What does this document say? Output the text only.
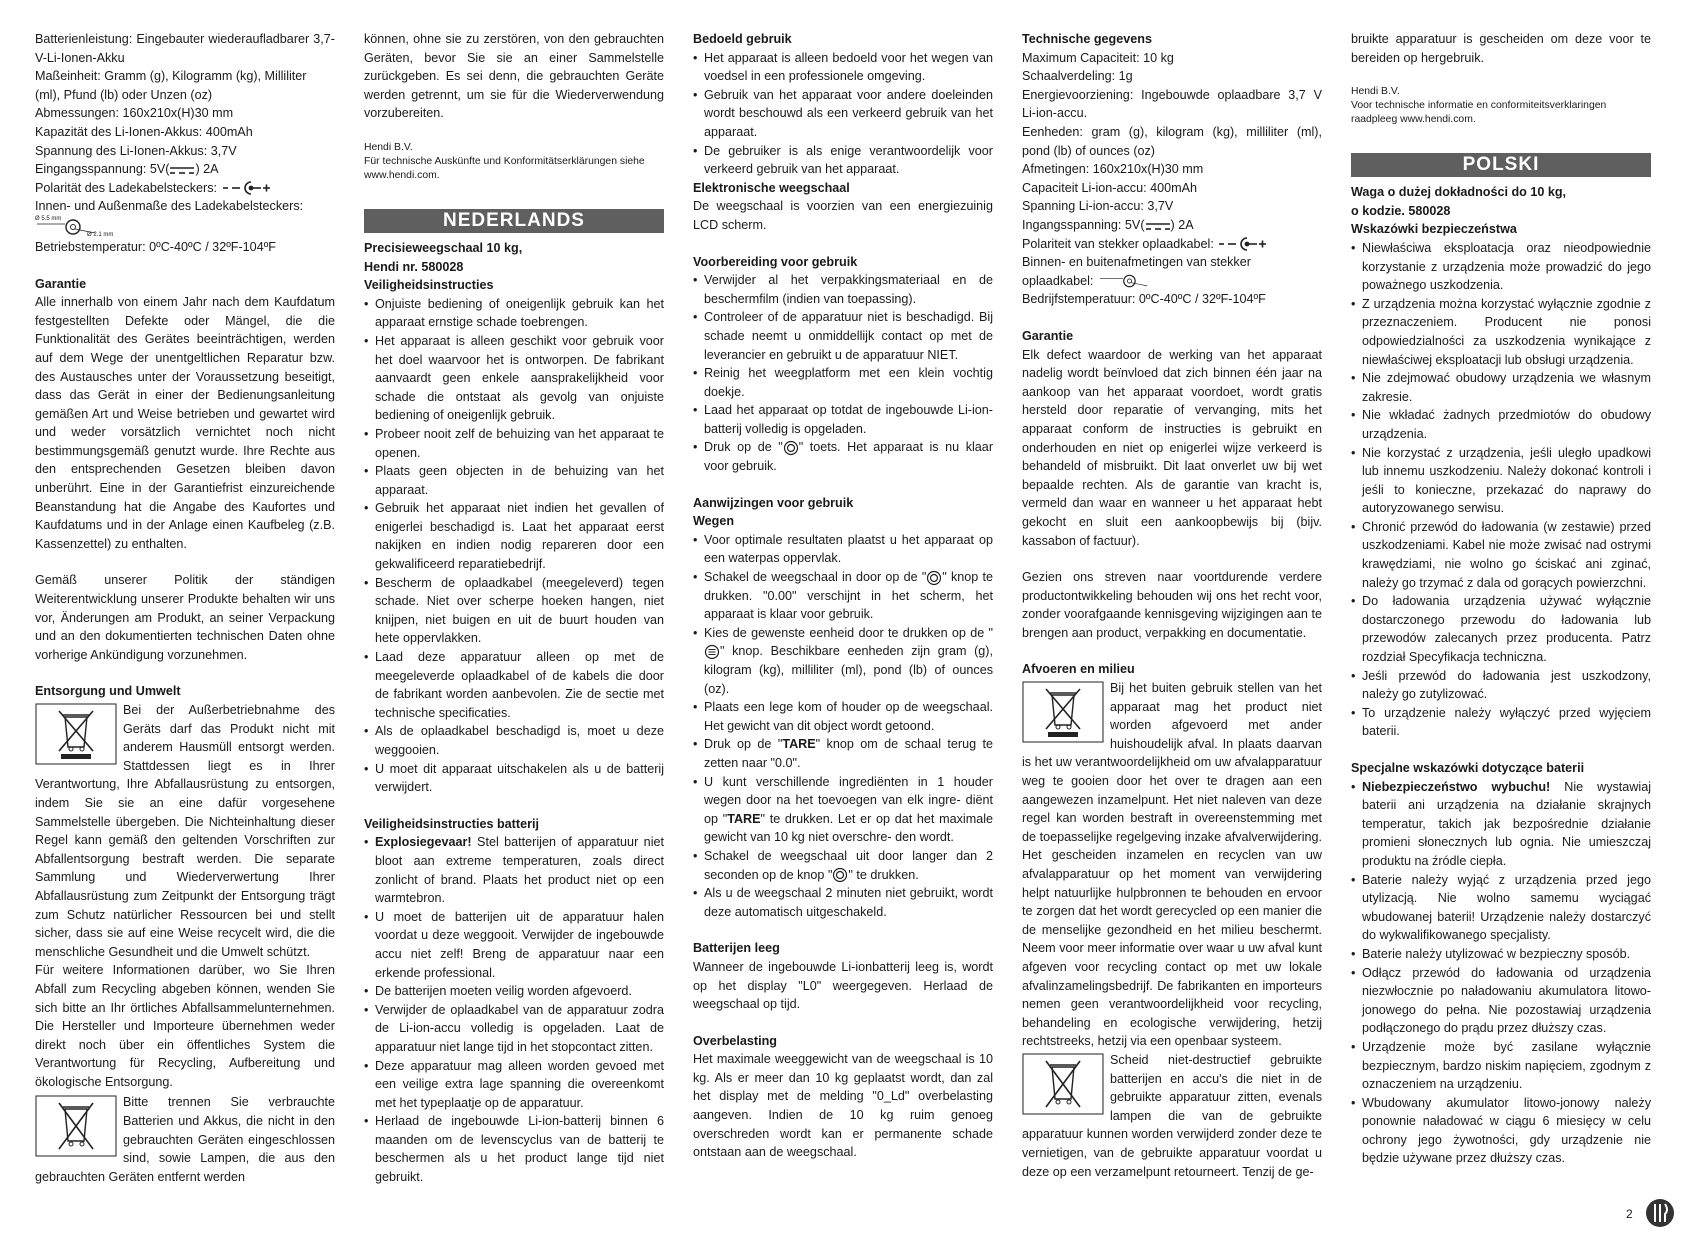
Batterienleistung: Eingebauter wiederaufladbarer 3,7-V-Li-Ionen-Akku

Maßeinheit: Gramm (g), Kilogramm (kg), Milliliter (ml), Pfund (lb) oder Unzen (oz)

Abmessungen: 160x210x(H)30 mm

Kapazität des Li-Ionen-Akkus: 400mAh

Spannung des Li-Ionen-Akkus: 3,7V

Eingangsspannung: 5V( ) 2A

Polarität des Ladekabelsteckers:

Innen- und Außenmaße des Ladekabelsteckers:

Ø 5.5 mm
Ø 2.1 mm

Betriebstemperatur: 0ºC-40ºC / 32ºF-104ºF

Garantie

Alle innerhalb von einem Jahr nach dem Kaufdatum festgestellten Defekte oder Mängel, die die Funktionalität des Gerätes beeinträchtigen, werden auf dem Wege der unentgeltlichen Reparatur bzw. des Austausches unter der Voraussetzung beseitigt, dass das Gerät in einer der Bedienungsanleitung gemäßen Art und Weise betrieben und gewartet wird und weder vorsätzlich vernichtet noch nicht bestimmungsgemäß genutzt wurde. Ihre Rechte aus den entsprechenden Gesetzen bleiben davon unberührt. Eine in der Garantiefrist einzureichende Beanstandung hat die Angabe des Kaufortes und Kaufdatums und in der Anlage einen Kaufbeleg (z.B. Kassenzettel) zu enthalten.

Gemäß unserer Politik der ständigen Weiterentwicklung unserer Produkte behalten wir uns vor, Änderungen am Produkt, an seiner Verpackung und an den dokumentierten technischen Daten ohne vorherige Ankündigung vorzunehmen.

Entsorgung und Umwelt

Bei der Außerbetriebnahme des Geräts darf das Produkt nicht mit anderem Hausmüll entsorgt werden. Stattdessen liegt es in Ihrer Verantwortung, Ihre Abfallausrüstung zu entsorgen, indem Sie sie an eine dafür vorgesehene Sammelstelle übergeben. Die Nichteinhaltung dieser Regel kann gemäß den geltenden Vorschriften zur Abfallentsorgung bestraft werden. Die separate Sammlung und Wiederverwertung Ihrer Abfallausrüstung zum Zeitpunkt der Entsorgung trägt zum Schutz natürlicher Ressourcen bei und stellt sicher, dass sie auf eine Weise recycelt wird, die die menschliche Gesundheit und die Umwelt schützt.

Für weitere Informationen darüber, wo Sie Ihren Abfall zum Recycling abgeben können, wenden Sie sich bitte an Ihr örtliches Abfallsammelunternehmen. Die Hersteller und Importeure übernehmen weder direkt noch über ein öffentliches System die Verantwortung für Recycling, Aufbereitung und ökologische Entsorgung.

Bitte trennen Sie verbrauchte Batterien und Akkus, die nicht in den gebrauchten Geräten eingeschlossen sind, sowie Lampen, die aus den gebrauchten Geräten entfernt werden

können, ohne sie zu zerstören, von den gebrauchten Geräten, bevor Sie sie an einer Sammelstelle zurückgeben. Es sei denn, die gebrauchten Geräte werden getrennt, um sie für die Wiederverwendung vorzubereiten.

Hendi B.V.

Für technische Auskünfte und Konformitätserklärungen siehe www.hendi.com.

NEDERLANDS

Precisieweegschaal 10 kg,

Hendi nr. 580028

Veiligheidsinstructies

• Onjuiste bediening of oneigenlijk gebruik kan het apparaat ernstige schade toebrengen.
• Het apparaat is alleen geschikt voor gebruik voor het doel waarvoor het is ontworpen. De fabrikant aanvaardt geen enkele aansprakelijkheid voor schade die ontstaat als gevolg van onjuiste bediening of oneigenlijk gebruik.
• Probeer nooit zelf de behuizing van het apparaat te openen.
• Plaats geen objecten in de behuizing van het apparaat.
• Gebruik het apparaat niet indien het gevallen of enigerlei beschadigd is. Laat het apparaat eerst nakijken en indien nodig repareren door een gekwalificeerd reparatiebedrijf.
• Bescherm de oplaadkabel (meegeleverd) tegen schade. Niet over scherpe hoeken hangen, niet knijpen, niet buigen en uit de buurt houden van hete oppervlakken.
• Laad deze apparatuur alleen op met de meegeleverde oplaadkabel of de kabels die door de fabrikant worden aanbevolen. Zie de sectie met technische specificaties.
• Als de oplaadkabel beschadigd is, moet u deze weggooien.
• U moet dit apparaat uitschakelen als u de batterij verwijdert.

Veiligheidsinstructies batterij

• Explosiegevaar! Stel batterijen of apparatuur niet bloot aan extreme temperaturen, zoals direct zonlicht of brand. Plaats het product niet op een warmtebron.
• U moet de batterijen uit de apparatuur halen voordat u deze weggooit. Verwijder de ingebouwde accu niet zelf! Breng de apparatuur naar een erkende professional.
• De batterijen moeten veilig worden afgevoerd.
• Verwijder de oplaadkabel van de apparatuur zodra de Li-ion-accu volledig is opgeladen. Laat de apparatuur niet lange tijd in het stopcontact zitten.
• Deze apparatuur mag alleen worden gevoed met een veilige extra lage spanning die overeenkomt met het typeplaatje op de apparatuur.
• Herlaad de ingebouwde Li-ion-batterij binnen 6 maanden om de levenscyclus van de batterij te beschermen als u het product lange tijd niet gebruikt.

Bedoeld gebruik

• Het apparaat is alleen bedoeld voor het wegen van voedsel in een professionele omgeving.
• Gebruik van het apparaat voor andere doeleinden wordt beschouwd als een verkeerd gebruik van het apparaat.
• De gebruiker is als enige verantwoordelijk voor verkeerd gebruik van het apparaat.

Elektronische weegschaal

De weegschaal is voorzien van een energiezuinig LCD scherm.

Voorbereiding voor gebruik

• Verwijder al het verpakkingsmateriaal en de beschermfilm (indien van toepassing).
• Controleer of de apparatuur niet is beschadigd. Bij schade neemt u onmiddellijk contact op met de leverancier en gebruikt u de apparatuur NIET.
• Reinig het weegplatform met een klein vochtig doekje.
• Laad het apparaat op totdat de ingebouwde Li-ion-batterij volledig is opgeladen.
• Druk op de " " toets. Het apparaat is nu klaar voor gebruik.

Aanwijzingen voor gebruik

Wegen

• Voor optimale resultaten plaatst u het apparaat op een waterpas oppervlak.
• Schakel de weegschaal in door op de " " knop te drukken. "0.00" verschijnt in het scherm, het apparaat is klaar voor gebruik.
• Kies de gewenste eenheid door te drukken op de "" knop. Beschikbare eenheden zijn gram (g), kilogram (kg), milliliter (ml), pond (lb) of ounces (oz).
• Plaats een lege kom of houder op de weegschaal. Het gewicht van dit object wordt getoond.
• Druk op de "TARE" knop om de schaal terug te zetten naar "0.0".
• U kunt verschillende ingrediënten in 1 houder wegen door na het toevoegen van elk ingre- diënt op "TARE" te drukken. Let er op dat het maximale gewicht van 10 kg niet overschre- den wordt.
• Schakel de weegschaal uit door langer dan 2 seconden op de knop " " te drukken.
• Als u de weegschaal 2 minuten niet gebruikt, wordt deze automatisch uitgeschakeld.

Batterijen leeg

Wanneer de ingebouwde Li-ionbatterij leeg is, wordt op het display "L0" weergegeven. Herlaad de weegschaal op tijd.

Overbelasting

Het maximale weeggewicht van de weegschaal is 10 kg. Als er meer dan 10 kg geplaatst wordt, dan zal het display met de melding "0_Ld" overbelasting aangeven. Indien de 10 kg ruim genoeg overschreden wordt kan er permanente schade ontstaan aan de weegschaal.

Technische gegevens

Maximum Capaciteit: 10 kg

Schaalverdeling: 1g

Energievoorziening: Ingebouwde oplaadbare 3,7 V Li-ion-accu.

Eenheden: gram (g), kilogram (kg), milliliter (ml), pond (lb) of ounces (oz)

Afmetingen: 160x210x(H)30 mm

Capaciteit Li-ion-accu: 400mAh

Spanning Li-ion-accu: 3,7V

Ingangsspanning: 5V( ) 2A

Polariteit van stekker oplaadkabel:

Binnen- en buitenafmetingen van stekker oplaadkabel:

Bedrijfstemperatuur: 0ºC-40ºC / 32ºF-104ºF

Garantie

Elk defect waardoor de werking van het apparaat nadelig wordt beïnvloed dat zich binnen één jaar na aankoop van het apparaat voordoet, wordt gratis hersteld door reparatie of vervanging, mits het apparaat conform de instructies is gebruikt en onderhouden en niet op enigerlei wijze verkeerd is behandeld of misbruikt. Dit laat onverlet uw bij wet bepaalde rechten. Als de garantie van kracht is, vermeld dan waar en wanneer u het apparaat hebt gekocht en sluit een aankoopbewijs bij (bijv. kassabon of factuur).

Gezien ons streven naar voortdurende verdere productontwikkeling behouden wij ons het recht voor, zonder voorafgaande kennisgeving wijzigingen aan te brengen aan product, verpakking en documentatie.

Afvoeren en milieu

Bij het buiten gebruik stellen van het apparaat mag het product niet worden afgevoerd met ander huishoudelijk afval. In plaats daarvan is het uw verantwoordelijkheid om uw afvalapparatuur weg te gooien door het over te dragen aan een aangewezen inzamelpunt. Het niet naleven van deze regel kan worden bestraft in overeenstemming met de toepasselijke regelgeving inzake afvalverwijdering. Het gescheiden inzamelen en recyclen van uw afvalapparatuur op het moment van verwijdering helpt natuurlijke hulpbronnen te behouden en ervoor te zorgen dat het wordt gerecycled op een manier die de menselijke gezondheid en het milieu beschermt. Neem voor meer informatie over waar u uw afval kunt afgeven voor recycling contact op met uw lokale afvalinzamelingsbedrijf. De fabrikanten en importeurs nemen geen verantwoordelijkheid voor recycling, behandeling en ecologische verwijdering, hetzij rechtstreeks, hetzij via een openbaar systeem.

Scheid niet-destructief gebruikte batterijen en accu's die niet in de gebruikte apparatuur zitten, evenals lampen die van de gebruikte apparatuur kunnen worden verwijderd zonder deze te vernietigen, van de gebruikte apparatuur voordat u deze op een verzamelpunt retourneert. Tenzij de ge-

bruikte apparatuur is gescheiden om deze voor te bereiden op hergebruik.

Hendi B.V.

Voor technische informatie en conformiteitsverklaringen raadpleeg www.hendi.com.

POLSKI

Waga o dużej dokładności do 10 kg,

o kodzie. 580028

Wskazówki bezpieczeństwa

• Niewłaściwa eksploatacja oraz nieodpowiednie korzystanie z urządzenia może prowadzić do jego poważnego uszkodzenia.
• Z urządzenia można korzystać wyłącznie zgodnie z przeznaczeniem. Producent nie ponosi odpowiedzialności za uszkodzenia wynikające z niewłaściwej eksploatacji lub obsługi urządzenia.
• Nie zdejmować obudowy urządzenia we własnym zakresie.
• Nie wkładać żadnych przedmiotów do obudowy urządzenia.
• Nie korzystać z urządzenia, jeśli uległo upadkowi lub innemu uszkodzeniu. Należy dokonać kontroli i jeśli to konieczne, przekazać do naprawy do autoryzowanego serwisu.
• Chronić przewód do ładowania (w zestawie) przed uszkodzeniami. Kabel nie może zwisać nad ostrymi krawędziami, nie wolno go ściskać ani zginać, należy go trzymać z dala od gorących powierzchni.
• Do ładowania urządzenia używać wyłącznie dostarczonego przewodu do ładowania lub przewodów zalecanych przez producenta. Patrz rozdział Specyfikacja techniczna.
• Jeśli przewód do ładowania jest uszkodzony, należy go zutylizować.
• To urządzenie należy wyłączyć przed wyjęciem baterii.

Specjalne wskazówki dotyczące baterii

• Niebezpieczeństwo wybuchu! Nie wystawiaj baterii ani urządzenia na działanie skrajnych temperatur, takich jak bezpośrednie działanie promieni słonecznych lub ognia. Nie umieszczaj produktu na źródle ciepła.
• Baterie należy wyjąć z urządzenia przed jego utylizacją. Nie wolno samemu wyciągać wbudowanej baterii! Urządzenie należy dostarczyć do wykwalifikowanego specjalisty.
• Baterie należy utylizować w bezpieczny sposób.
• Odłącz przewód do ładowania od urządzenia niezwłocznie po naładowaniu akumulatora litowo-jonowego do pełna. Nie pozostawiaj urządzenia podłączonego do prądu przez dłuższy czas.
• Urządzenie może być zasilane wyłącznie bezpiecznym, bardzo niskim napięciem, zgodnym z oznaczeniem na urządzeniu.
• Wbudowany akumulator litowo-jonowy należy ponownie naładować w ciągu 6 miesięcy w celu ochrony jego żywotności, gdy urządzenie nie będzie używane przez dłuższy czas.
2
